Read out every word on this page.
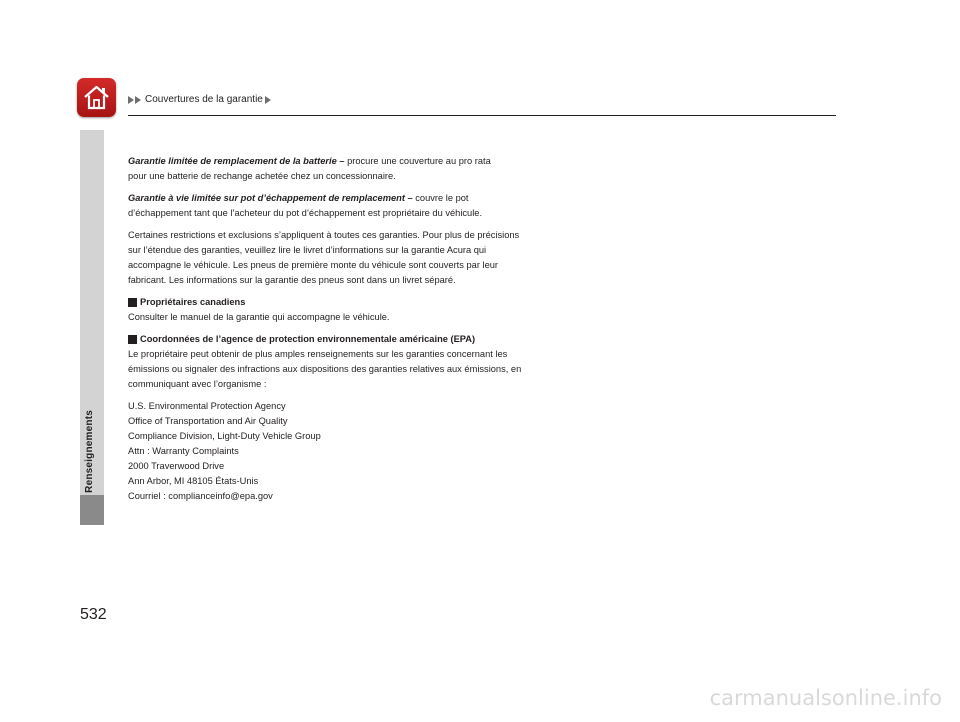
Couvertures de la garantie
Renseignements

Garantie limitée de remplacement de la batterie – procure une couverture au pro rata
pour une batterie de rechange achetée chez un concessionnaire.

Garantie à vie limitée sur pot d’échappement de remplacement – couvre le pot
d’échappement tant que l’acheteur du pot d’échappement est propriétaire du véhicule.

Certaines restrictions et exclusions s’appliquent à toutes ces garanties. Pour plus de précisions
sur l’étendue des garanties, veuillez lire le livret d’informations sur la garantie Acura qui
accompagne le véhicule. Les pneus de première monte du véhicule sont couverts par leur
fabricant. Les informations sur la garantie des pneus sont dans un livret séparé.

Propriétaires canadiens

Consulter le manuel de la garantie qui accompagne le véhicule.

Coordonnées de l’agence de protection environnementale américaine (EPA)

Le propriétaire peut obtenir de plus amples renseignements sur les garanties concernant les
émissions ou signaler des infractions aux dispositions des garanties relatives aux émissions, en
communiquant avec l’organisme :

U.S. Environmental Protection Agency

Office of Transportation and Air Quality

Compliance Division, Light-Duty Vehicle Group

Attn : Warranty Complaints

2000 Traverwood Drive

Ann Arbor, MI 48105 États-Unis

Courriel : complianceinfo@epa.gov

532
carmanualsonline.info
